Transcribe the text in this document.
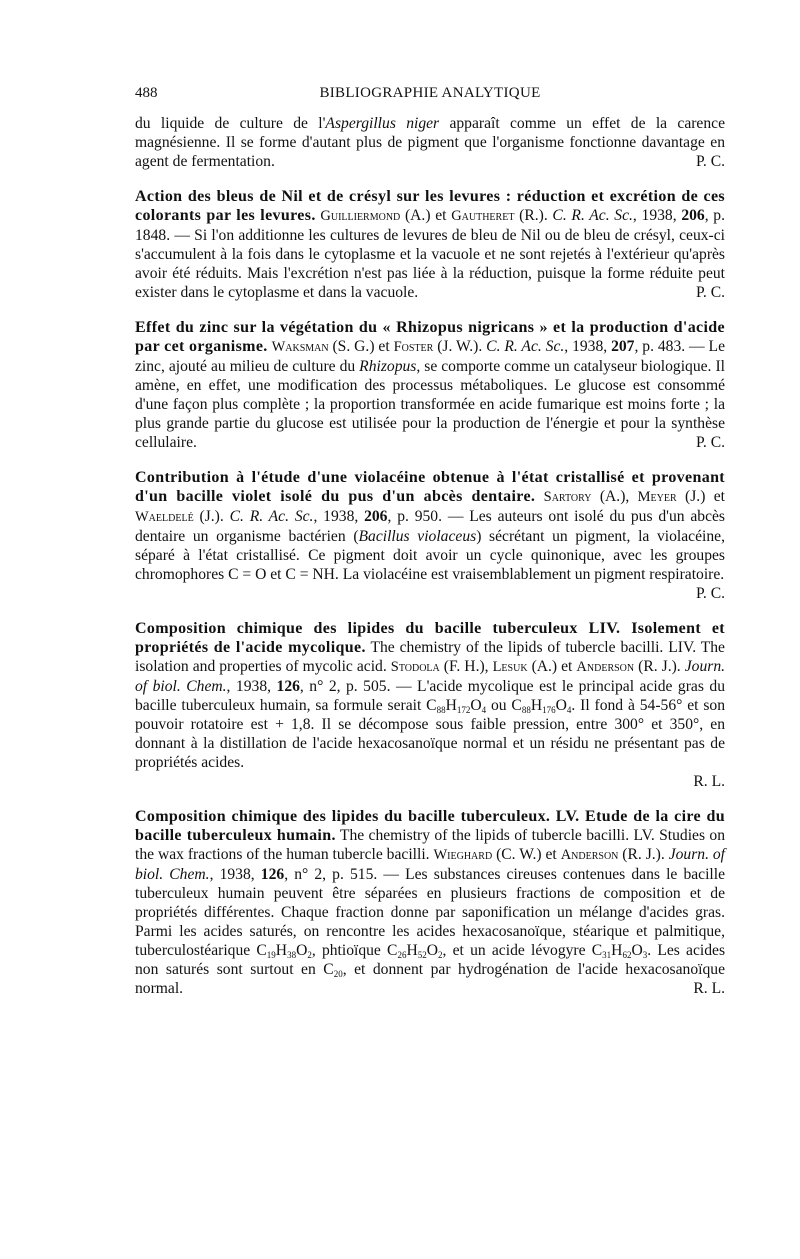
488	BIBLIOGRAPHIE ANALYTIQUE

du liquide de culture de l'Aspergillus niger apparaît comme un effet de la carence magnésienne. Il se forme d'autant plus de pigment que l'organisme fonctionne davantage en agent de fermentation.	P. C.

Action des bleus de Nil et de crésyl sur les levures : réduction et excrétion de ces colorants par les levures. Guilliermond (A.) et Gautheret (R.). C. R. Ac. Sc., 1938, 206, p. 1848. — Si l'on additionne les cultures de levures de bleu de Nil ou de bleu de crésyl, ceux-ci s'accumulent à la fois dans le cytoplasme et la vacuole et ne sont rejetés à l'extérieur qu'après avoir été réduits. Mais l'excrétion n'est pas liée à la réduction, puisque la forme réduite peut exister dans le cytoplasme et dans la vacuole.	P. C.

Effet du zinc sur la végétation du « Rhizopus nigricans » et la production d'acide par cet organisme. Waksman (S. G.) et Foster (J. W.). C. R. Ac. Sc., 1938, 207, p. 483. — Le zinc, ajouté au milieu de culture du Rhizopus, se comporte comme un catalyseur biologique. Il amène, en effet, une modification des processus métaboliques. Le glucose est consommé d'une façon plus complète ; la proportion transformée en acide fumarique est moins forte ; la plus grande partie du glucose est utilisée pour la production de l'énergie et pour la synthèse cellulaire.	P. C.

Contribution à l'étude d'une violacéine obtenue à l'état cristallisé et provenant d'un bacille violet isolé du pus d'un abcès dentaire. Sartory (A.), Meyer (J.) et Waeldelé (J.). C. R. Ac. Sc., 1938, 206, p. 950. — Les auteurs ont isolé du pus d'un abcès dentaire un organisme bactérien (Bacillus violaceus) sécrétant un pigment, la violacéine, séparé à l'état cristallisé. Ce pigment doit avoir un cycle quinonique, avec les groupes chromophores C = O et C = NH. La violacéine est vraisemblablement un pigment respiratoire.
P. C.

Composition chimique des lipides du bacille tuberculeux LIV. Isolement et propriétés de l'acide mycolique. The chemistry of the lipids of tubercle bacilli. LIV. The isolation and properties of mycolic acid. Stodola (F. H.), Lesuk (A.) et Anderson (R. J.). Journ. of biol. Chem., 1938, 126, n° 2, p. 505. — L'acide mycolique est le principal acide gras du bacille tuberculeux humain, sa formule serait $C_{88}H_{172}O_4$ ou $C_{88}H_{176}O_4$. Il fond à 54-56° et son pouvoir rotatoire est + 1,8. Il se décompose sous faible pression, entre 300° et 350°, en donnant à la distillation de l'acide hexacosanoïque normal et un résidu ne présentant pas de propriétés acides.

R. L.

Composition chimique des lipides du bacille tuberculeux. LV. Etude de la cire du bacille tuberculeux humain. The chemistry of the lipids of tubercle bacilli. LV. Studies on the wax fractions of the human tubercle bacilli. Wieghard (C. W.) et Anderson (R. J.). Journ. of biol. Chem., 1938, 126, n° 2, p. 515. — Les substances cireuses contenues dans le bacille tuberculeux humain peuvent être séparées en plusieurs fractions de composition et de propriétés différentes. Chaque fraction donne par saponification un mélange d'acides gras. Parmi les acides saturés, on rencontre les acides hexacosanoïque, stéarique et palmitique, tuberculostéarique $C_{19}H_{38}O_2$, phtioïque $C_{26}H_{52}O_2$, et un acide lévogyre $C_{31}H_{62}O_3$. Les acides non saturés sont surtout en $C_{20}$, et donnent par hydrogénation de l'acide hexacosanoïque normal.	R. L.
